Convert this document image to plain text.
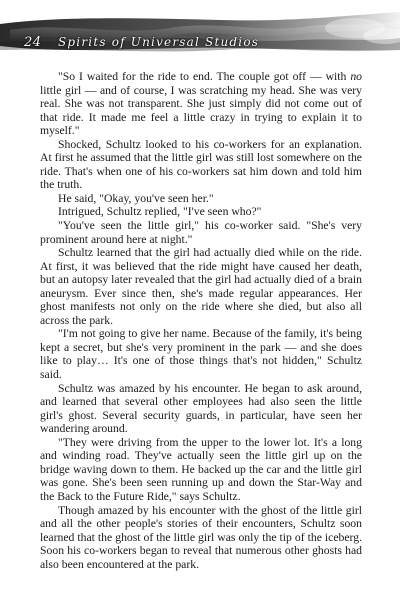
24 Spirits of Universal Studios

"So I waited for the ride to end. The couple got off — with no little girl — and of course, I was scratching my head. She was very real. She was not transparent. She just simply did not come out of that ride. It made me feel a little crazy in trying to explain it to myself."

Shocked, Schultz looked to his co-workers for an explanation. At first he assumed that the little girl was still lost somewhere on the ride. That's when one of his co-workers sat him down and told him the truth.

He said, "Okay, you've seen her."

Intrigued, Schultz replied, "I've seen who?"

"You've seen the little girl," his co-worker said. "She's very prominent around here at night."

Schultz learned that the girl had actually died while on the ride. At first, it was believed that the ride might have caused her death, but an autopsy later revealed that the girl had actually died of a brain aneurysm. Ever since then, she's made regular appearances. Her ghost manifests not only on the ride where she died, but also all across the park.

"I'm not going to give her name. Because of the family, it's being kept a secret, but she's very prominent in the park — and she does like to play… It's one of those things that's not hidden," Schultz said.

Schultz was amazed by his encounter. He began to ask around, and learned that several other employees had also seen the little girl's ghost. Several security guards, in particular, have seen her wandering around.

"They were driving from the upper to the lower lot. It's a long and winding road. They've actually seen the little girl up on the bridge waving down to them. He backed up the car and the little girl was gone. She's been seen running up and down the Star-Way and the Back to the Future Ride," says Schultz.

Though amazed by his encounter with the ghost of the little girl and all the other people's stories of their encounters, Schultz soon learned that the ghost of the little girl was only the tip of the iceberg. Soon his co-workers began to reveal that numerous other ghosts had also been encountered at the park.
